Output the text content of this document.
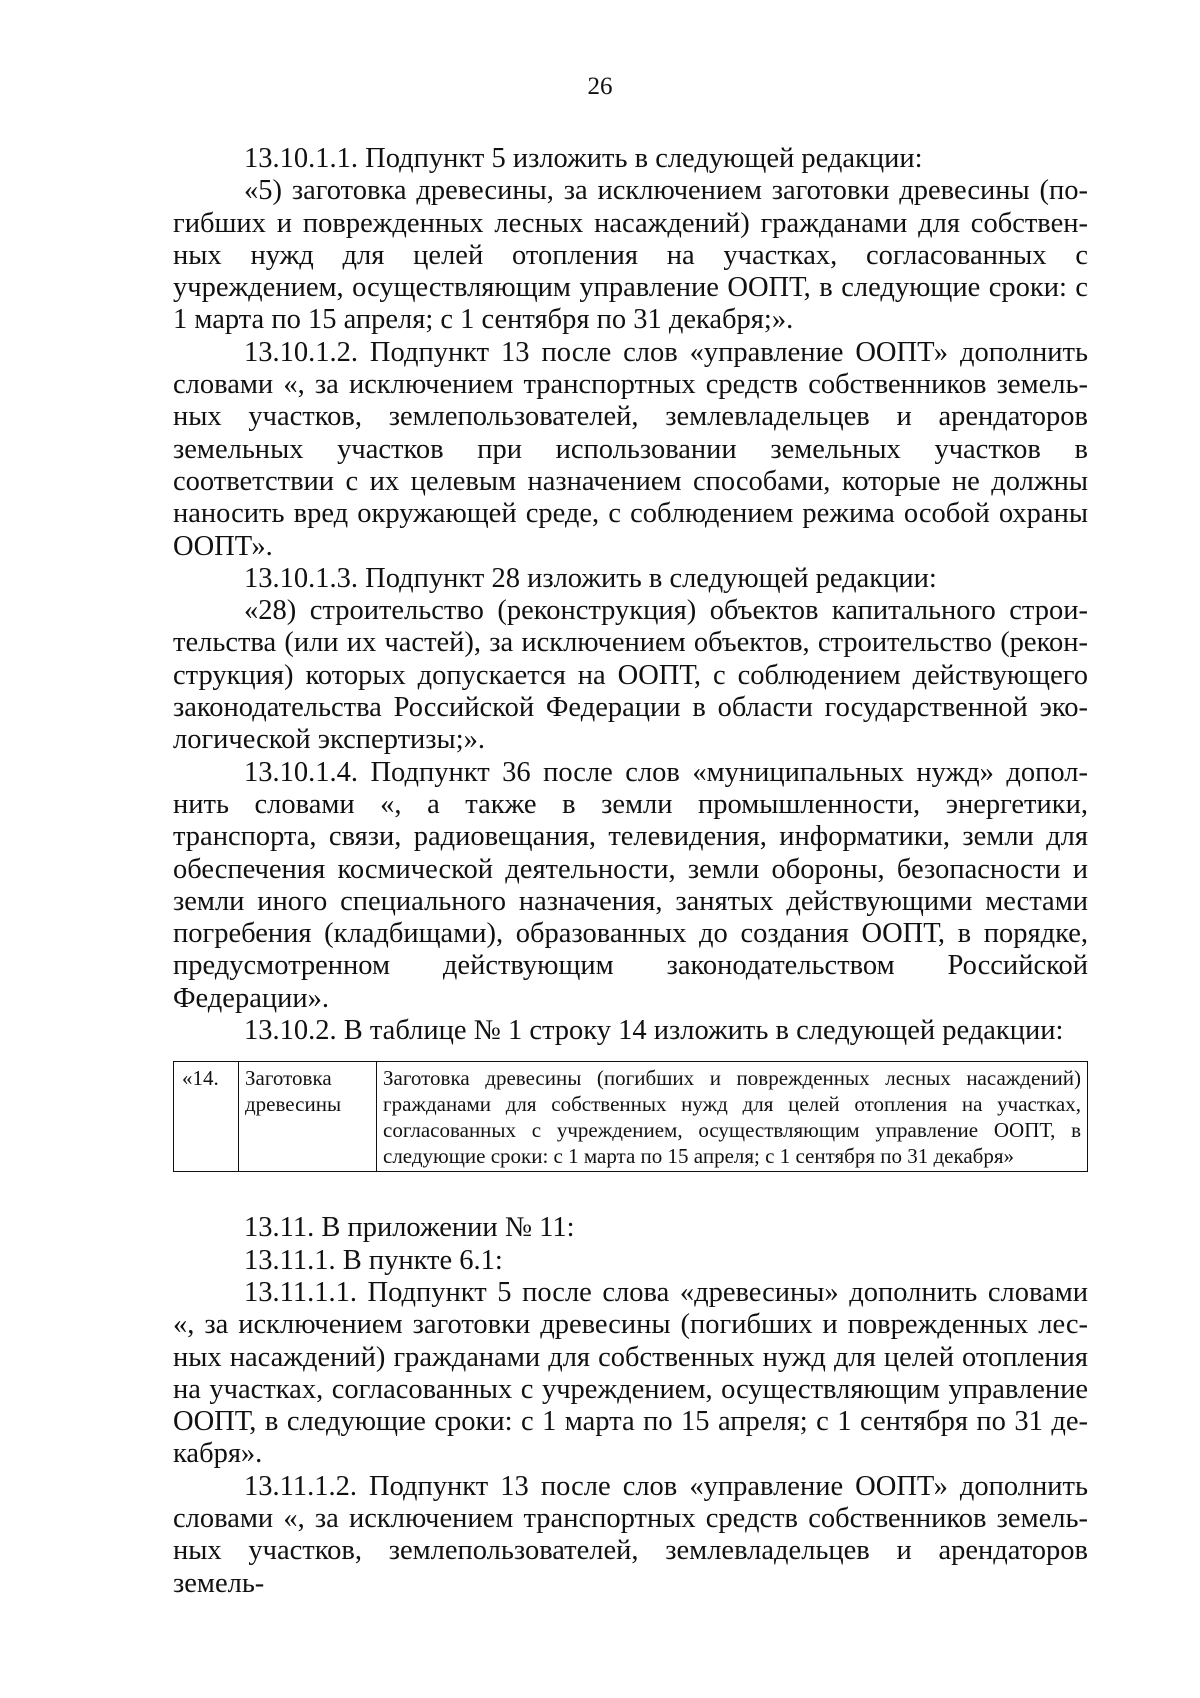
26

13.10.1.1. Подпункт 5 изложить в следующей редакции:

«5) заготовка древесины, за исключением заготовки древесины (погибших и поврежденных лесных насаждений) гражданами для собственных нужд для целей отопления на участках, согласованных с учреждением, осуществляющим управление ООПТ, в следующие сроки: с 1 марта по 15 апреля; с 1 сентября по 31 декабря;».

13.10.1.2. Подпункт 13 после слов «управление ООПТ» дополнить словами «, за исключением транспортных средств собственников земельных участков, землепользователей, землевладельцев и арендаторов земельных участков при использовании земельных участков в соответствии с их целевым назначением способами, которые не должны наносить вред окружающей среде, с соблюдением режима особой охраны ООПТ».

13.10.1.3. Подпункт 28 изложить в следующей редакции:

«28) строительство (реконструкция) объектов капитального строительства (или их частей), за исключением объектов, строительство (реконструкция) которых допускается на ООПТ, с соблюдением действующего законодательства Российской Федерации в области государственной экологической экспертизы;».

13.10.1.4. Подпункт 36 после слов «муниципальных нужд» дополнить словами «, а также в земли промышленности, энергетики, транспорта, связи, радиовещания, телевидения, информатики, земли для обеспечения космической деятельности, земли обороны, безопасности и земли иного специального назначения, занятых действующими местами погребения (кладбищами), образованных до создания ООПТ, в порядке, предусмотренном действующим законодательством Российской Федерации».

13.10.2. В таблице № 1 строку 14 изложить в следующей редакции:

«14.	Заготовка древесины	Заготовка древесины (погибших и поврежденных лесных насаждений) гражданами для собственных нужд для целей отопления на участках, согласованных с учреждением, осуществляющим управление ООПТ, в следующие сроки: с 1 марта по 15 апреля; с 1 сентября по 31 декабря»

13.11. В приложении № 11:

13.11.1. В пункте 6.1:

13.11.1.1. Подпункт 5 после слова «древесины» дополнить словами «, за исключением заготовки древесины (погибших и поврежденных лесных насаждений) гражданами для собственных нужд для целей отопления на участках, согласованных с учреждением, осуществляющим управление ООПТ, в следующие сроки: с 1 марта по 15 апреля; с 1 сентября по 31 декабря».

13.11.1.2. Подпункт 13 после слов «управление ООПТ» дополнить словами «, за исключением транспортных средств собственников земельных участков, землепользователей, землевладельцев и арендаторов земель-
